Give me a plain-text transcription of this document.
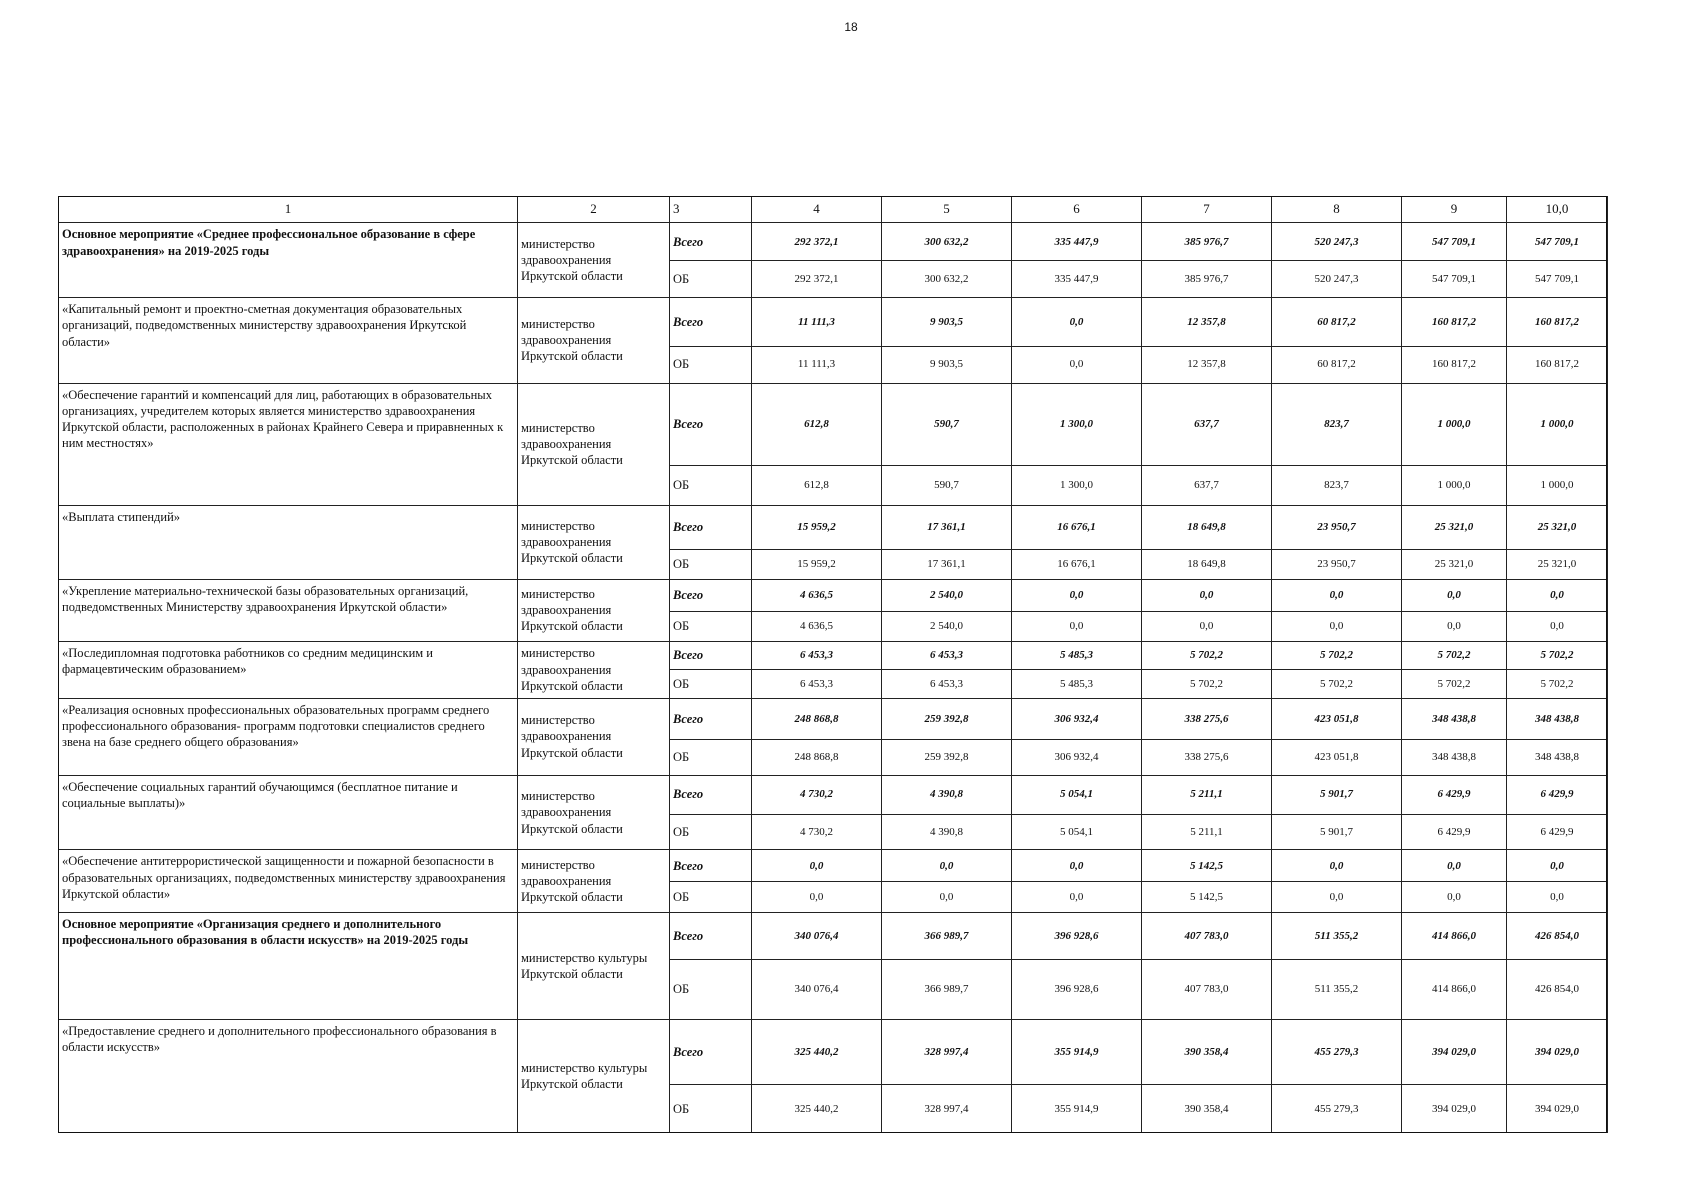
18
1	2	3	4	5	6	7	8	9	10,0
Основное мероприятие «Среднее профессиональное образование в сфере здравоохранения» на 2019-2025 годы	министерство здравоохранения Иркутской области	Всего	292 372,1	300 632,2	335 447,9	385 976,7	520 247,3	547 709,1	547 709,1
		ОБ	292 372,1	300 632,2	335 447,9	385 976,7	520 247,3	547 709,1	547 709,1
«Капитальный ремонт и проектно-сметная документация образовательных организаций, подведомственных министерству здравоохранения Иркутской области»	министерство здравоохранения Иркутской области	Всего	11 111,3	9 903,5	0,0	12 357,8	60 817,2	160 817,2	160 817,2
		ОБ	11 111,3	9 903,5	0,0	12 357,8	60 817,2	160 817,2	160 817,2
«Обеспечение гарантий и компенсаций для лиц, работающих в образовательных организациях, учредителем которых является министерство здравоохранения Иркутской области, расположенных в районах Крайнего Севера и приравненных к ним местностях»	министерство здравоохранения Иркутской области	Всего	612,8	590,7	1 300,0	637,7	823,7	1 000,0	1 000,0
		ОБ	612,8	590,7	1 300,0	637,7	823,7	1 000,0	1 000,0
«Выплата стипендий»	министерство здравоохранения Иркутской области	Всего	15 959,2	17 361,1	16 676,1	18 649,8	23 950,7	25 321,0	25 321,0
		ОБ	15 959,2	17 361,1	16 676,1	18 649,8	23 950,7	25 321,0	25 321,0
«Укрепление материально-технической базы образовательных организаций, подведомственных Министерству здравоохранения Иркутской области»	министерство здравоохранения Иркутской области	Всего	4 636,5	2 540,0	0,0	0,0	0,0	0,0	0,0
		ОБ	4 636,5	2 540,0	0,0	0,0	0,0	0,0	0,0
«Последипломная подготовка работников со средним медицинским и фармацевтическим образованием»	министерство здравоохранения Иркутской области	Всего	6 453,3	6 453,3	5 485,3	5 702,2	5 702,2	5 702,2	5 702,2
		ОБ	6 453,3	6 453,3	5 485,3	5 702,2	5 702,2	5 702,2	5 702,2
«Реализация основных профессиональных образовательных программ среднего профессионального образования- программ подготовки специалистов среднего звена на базе среднего общего образования»	министерство здравоохранения Иркутской области	Всего	248 868,8	259 392,8	306 932,4	338 275,6	423 051,8	348 438,8	348 438,8
		ОБ	248 868,8	259 392,8	306 932,4	338 275,6	423 051,8	348 438,8	348 438,8
«Обеспечение социальных гарантий обучающимся (бесплатное питание и социальные выплаты)»	министерство здравоохранения Иркутской области	Всего	4 730,2	4 390,8	5 054,1	5 211,1	5 901,7	6 429,9	6 429,9
		ОБ	4 730,2	4 390,8	5 054,1	5 211,1	5 901,7	6 429,9	6 429,9
«Обеспечение антитеррористической защищенности и пожарной безопасности в образовательных организациях, подведомственных министерству здравоохранения Иркутской области»	министерство здравоохранения Иркутской области	Всего	0,0	0,0	0,0	5 142,5	0,0	0,0	0,0
		ОБ	0,0	0,0	0,0	5 142,5	0,0	0,0	0,0
Основное мероприятие «Организация среднего и дополнительного профессионального образования в области искусств» на 2019-2025 годы	министерство культуры Иркутской области	Всего	340 076,4	366 989,7	396 928,6	407 783,0	511 355,2	414 866,0	426 854,0
		ОБ	340 076,4	366 989,7	396 928,6	407 783,0	511 355,2	414 866,0	426 854,0
«Предоставление среднего и дополнительного профессионального образования в области искусств»	министерство культуры Иркутской области	Всего	325 440,2	328 997,4	355 914,9	390 358,4	455 279,3	394 029,0	394 029,0
		ОБ	325 440,2	328 997,4	355 914,9	390 358,4	455 279,3	394 029,0	394 029,0
